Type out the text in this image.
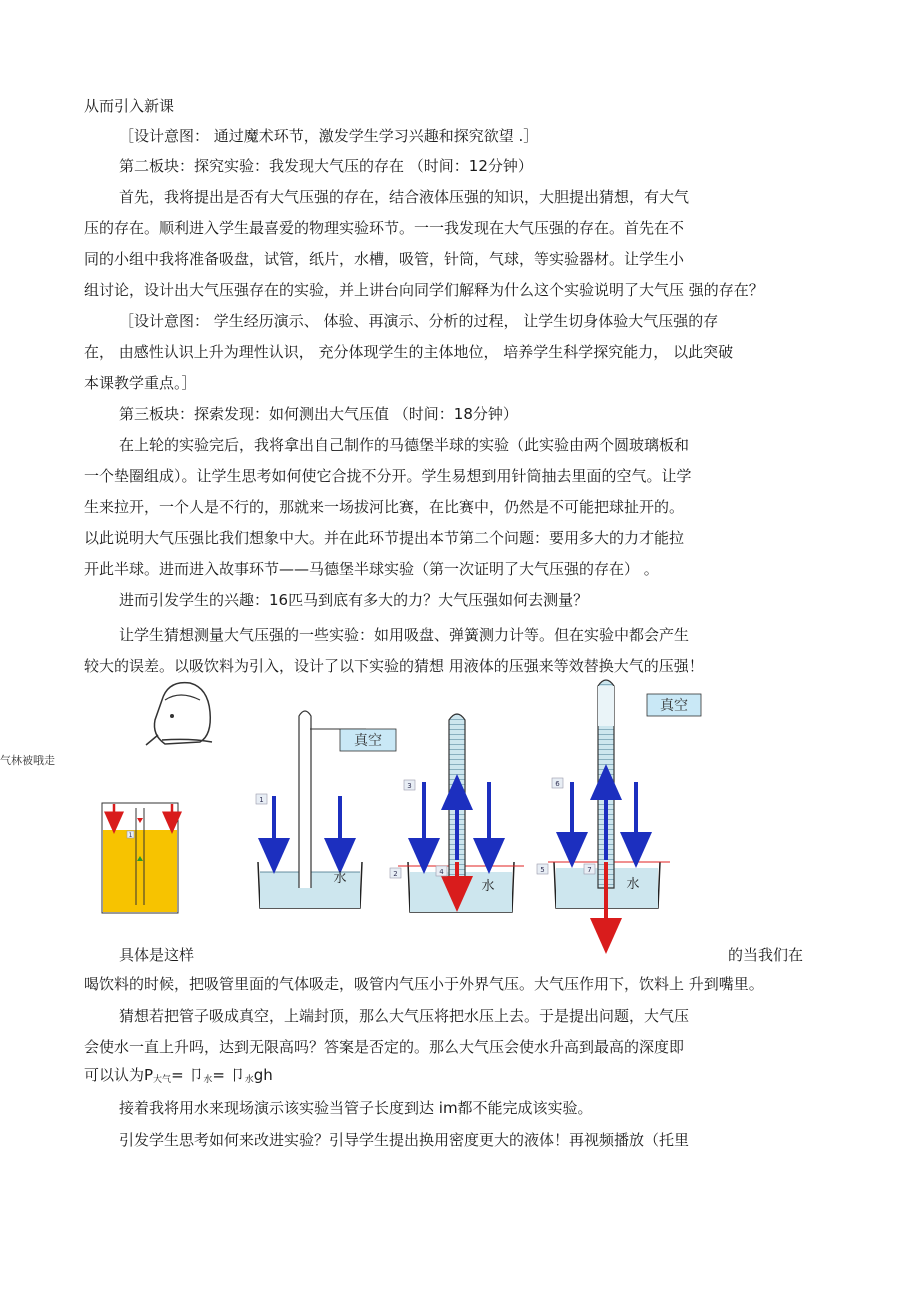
从而引入新课
［设计意图： 通过魔术环节，激发学生学习兴趣和探究欲望 .］
第二板块：探究实验：我发现大气压的存在 （时间：12分钟）
首先，我将提出是否有大气压强的存在，结合液体压强的知识，大胆提出猜想，有大气
压的存在。顺利进入学生最喜爱的物理实验环节。一一我发现在大气压强的存在。首先在不
同的小组中我将准备吸盘，试管，纸片，水槽，吸管，针筒，气球，等实验器材。让学生小
组讨论，设计出大气压强存在的实验，并上讲台向同学们解释为什么这个实验说明了大气压 强的存在？
［设计意图： 学生经历演示、 体验、再演示、分析的过程， 让学生切身体验大气压强的存
在， 由感性认识上升为理性认识， 充分体现学生的主体地位， 培养学生科学探究能力， 以此突破
本课教学重点。］
第三板块：探索发现：如何测出大气压值 （时间：18分钟）
在上轮的实验完后，我将拿出自己制作的马德堡半球的实验（此实验由两个圆玻璃板和
一个垫圈组成）。让学生思考如何使它合拢不分开。学生易想到用针筒抽去里面的空气。让学
生来拉开，一个人是不行的，那就来一场拔河比赛，在比赛中，仍然是不可能把球扯开的。
以此说明大气压强比我们想象中大。并在此环节提出本节第二个问题：要用多大的力才能拉
开此半球。进而进入故事环节——马德堡半球实验（第一次证明了大气压强的存在） 。
进而引发学生的兴趣：16匹马到底有多大的力？大气压强如何去测量？
让学生猜想测量大气压强的一些实验：如用吸盘、弹簧测力计等。但在实验中都会产生
较大的误差。以吸饮料为引入，设计了以下实验的猜想 用液体的压强来等效替换大气的压强！
气林被哦走
具体是这样	的当我们在
喝饮料的时候，把吸管里面的气体吸走，吸管内气压小于外界气压。大气压作用下，饮料上 升到嘴里。
猜想若把管子吸成真空，上端封顶，那么大气压将把水压上去。于是提出问题，大气压
会使水一直上升吗，达到无限高吗？答案是否定的。那么大气压会使水升高到最高的深度即
可以认为$P_{大气}=$ 卩$_水$= 卩$_水$gh
接着我将用水来现场演示该实验当管子长度到达 im都不能完成该实验。
引发学生思考如何来改进实验？引导学生提出换用密度更大的液体！再视频播放（托里
1
真空
1
水
3
2	4
水
真空
6
5	7
水
